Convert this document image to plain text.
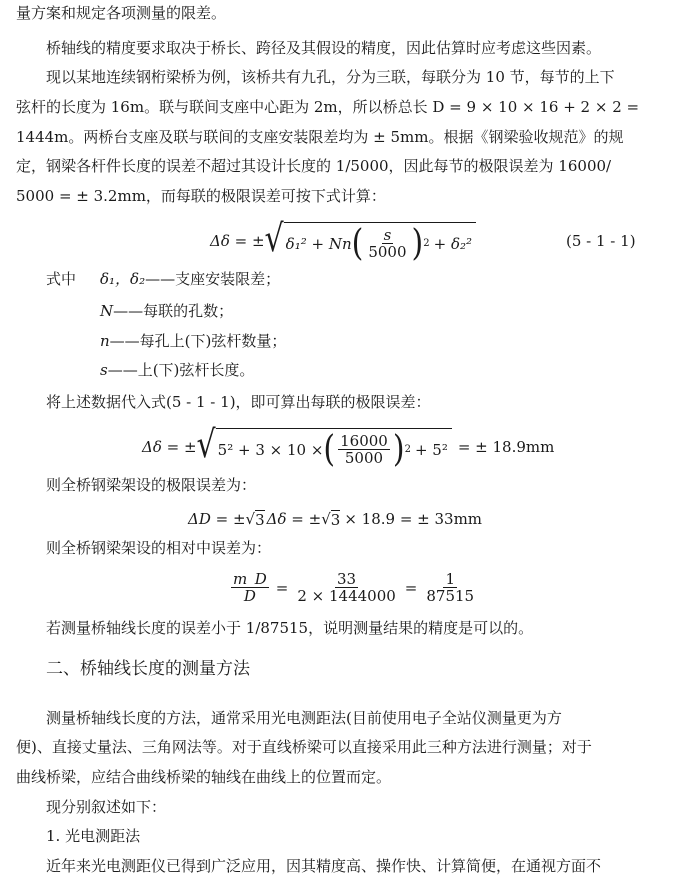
量方案和规定各项测量的限差。
桥轴线的精度要求取决于桥长、跨径及其假设的精度，因此估算时应考虑这些因素。
现以某地连续钢桁梁桥为例，该桥共有九孔，分为三联，每联分为 10 节，每节的上下
弦杆的长度为 16m。联与联间支座中心距为 2m，所以桥总长 D = 9 × 10 × 16 + 2 × 2 =
1444m。两桥台支座及联与联间的支座安装限差均为 ± 5mm。根据《钢梁验收规范》的规
定，钢梁各杆件长度的误差不超过其设计长度的 1/5000，因此每节的极限误差为 16000/
5000 = ± 3.2mm，而每联的极限误差可按下式计算：
Δδ = ± √ δ₁² + Nn ( $\frac{s}{5000}$ ) 2 + δ₂²	(5 - 1 - 1)
式中 δ₁，δ₂——支座安装限差；
N——每联的孔数；
n——每孔上(下)弦杆数量；
s——上(下)弦杆长度。
将上述数据代入式(5 - 1 - 1)，即可算出每联的极限误差：
Δδ = ± √ 5² + 3 × 10 × ( $\frac{16000}{5000}$ ) 2 + 5² = ± 18.9mm
则全桥钢梁架设的极限误差为：
ΔD = ± √ 3 Δδ = ± √ 3 × 18.9 = ± 33mm
则全桥钢梁架设的相对中误差为：
$\frac{m\_D}{D} = \frac{33}{2 \times 1444000} = \frac{1}{87515}$
若测量桥轴线长度的误差小于 1/87515，说明测量结果的精度是可以的。
二、桥轴线长度的测量方法
测量桥轴线长度的方法，通常采用光电测距法(目前使用电子全站仪测量更为方
便)、直接丈量法、三角网法等。对于直线桥梁可以直接采用此三种方法进行测量；对于
曲线桥梁，应结合曲线桥梁的轴线在曲线上的位置而定。
现分别叙述如下：
1. 光电测距法
近年来光电测距仪已得到广泛应用，因其精度高、操作快、计算简便，在通视方面不
